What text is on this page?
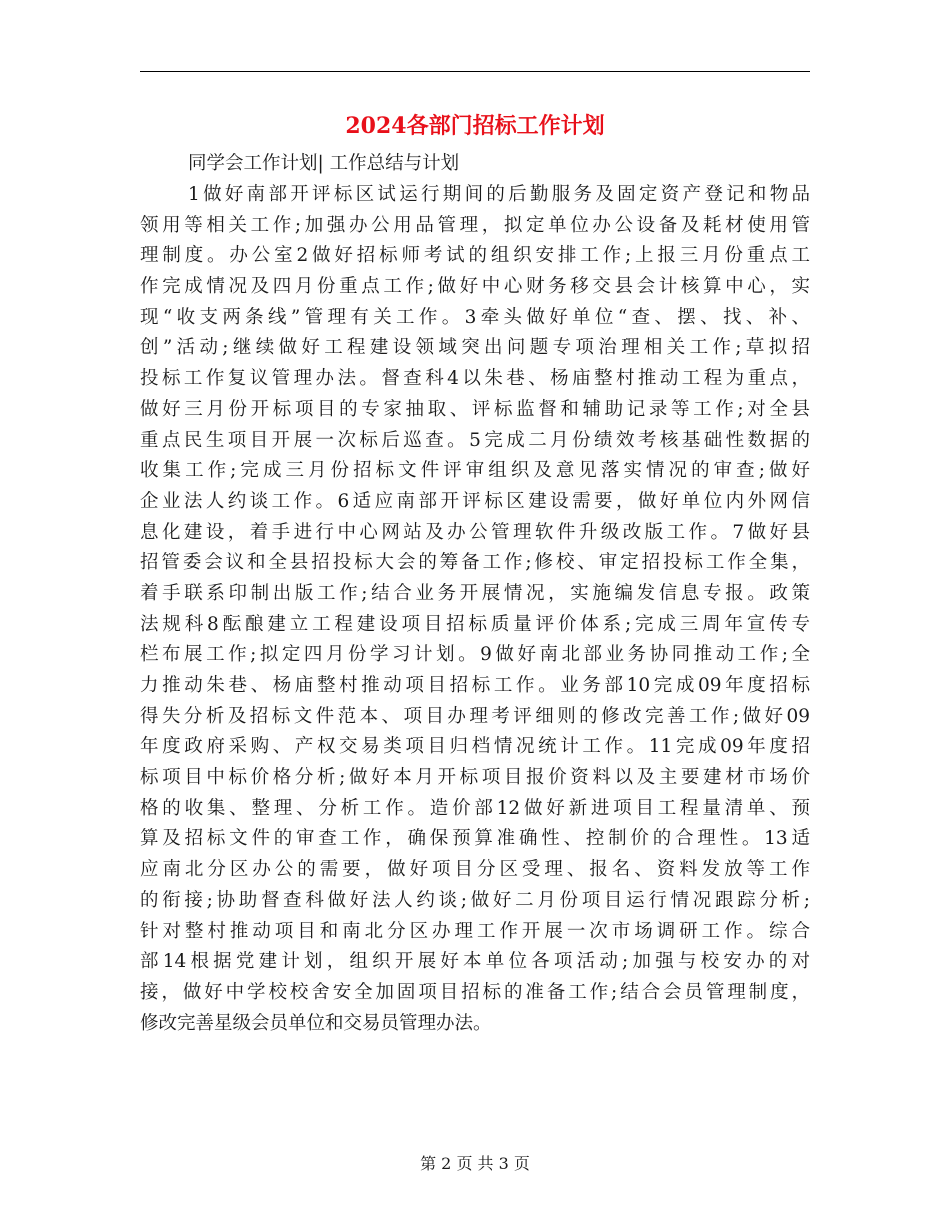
2024各部门招标工作计划
同学会工作计划| 工作总结与计划
1做好南部开评标区试运行期间的后勤服务及固定资产登记和物品
领用等相关工作;加强办公用品管理，拟定单位办公设备及耗材使用管
理制度。办公室2做好招标师考试的组织安排工作;上报三月份重点工
作完成情况及四月份重点工作;做好中心财务移交县会计核算中心，实
现“收支两条线”管理有关工作。3牵头做好单位“查、摆、找、补、
创”活动;继续做好工程建设领域突出问题专项治理相关工作;草拟招
投标工作复议管理办法。督查科4以朱巷、杨庙整村推动工程为重点，
做好三月份开标项目的专家抽取、评标监督和辅助记录等工作;对全县
重点民生项目开展一次标后巡查。5完成二月份绩效考核基础性数据的
收集工作;完成三月份招标文件评审组织及意见落实情况的审查;做好
企业法人约谈工作。6适应南部开评标区建设需要，做好单位内外网信
息化建设，着手进行中心网站及办公管理软件升级改版工作。7做好县
招管委会议和全县招投标大会的筹备工作;修校、审定招投标工作全集，
着手联系印制出版工作;结合业务开展情况，实施编发信息专报。政策
法规科8酝酿建立工程建设项目招标质量评价体系;完成三周年宣传专
栏布展工作;拟定四月份学习计划。9做好南北部业务协同推动工作;全
力推动朱巷、杨庙整村推动项目招标工作。业务部10完成09年度招标
得失分析及招标文件范本、项目办理考评细则的修改完善工作;做好09
年度政府采购、产权交易类项目归档情况统计工作。11完成09年度招
标项目中标价格分析;做好本月开标项目报价资料以及主要建材市场价
格的收集、整理、分析工作。造价部12做好新进项目工程量清单、预
算及招标文件的审查工作，确保预算准确性、控制价的合理性。13适
应南北分区办公的需要，做好项目分区受理、报名、资料发放等工作
的衔接;协助督查科做好法人约谈;做好二月份项目运行情况跟踪分析;
针对整村推动项目和南北分区办理工作开展一次市场调研工作。综合
部14根据党建计划，组织开展好本单位各项活动;加强与校安办的对
接，做好中学校校舍安全加固项目招标的准备工作;结合会员管理制度，
修改完善星级会员单位和交易员管理办法。
第 2 页 共 3 页
